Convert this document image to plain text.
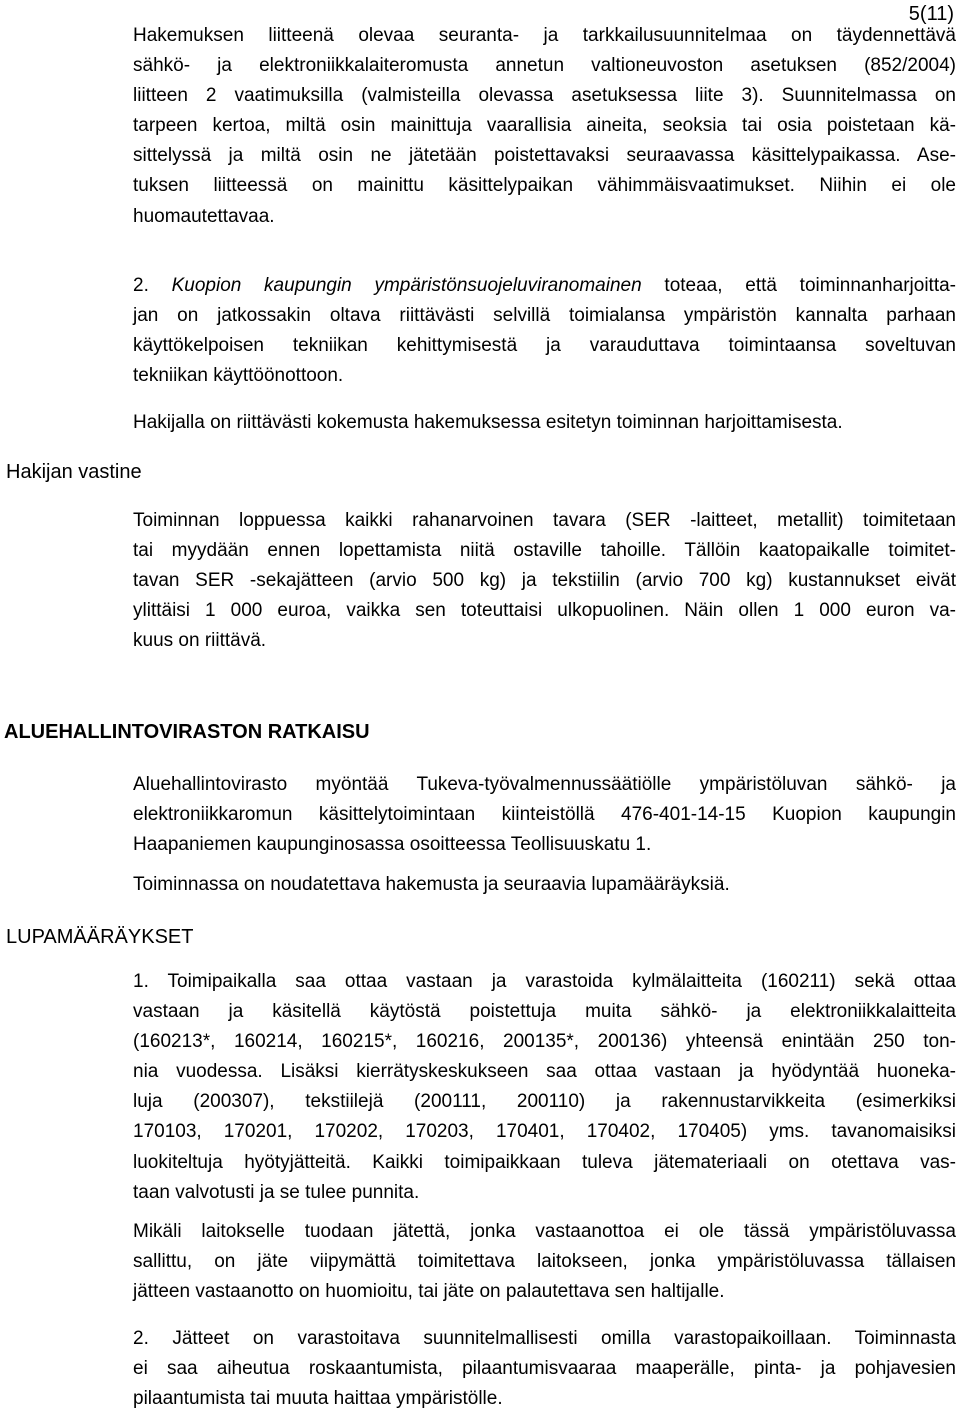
5(11)
Hakemuksen liitteenä olevaa seuranta- ja tarkkailusuunnitelmaa on täydennettävä
sähkö- ja elektroniikkalaiteromusta annetun valtioneuvoston asetuksen (852/2004)
liitteen 2 vaatimuksilla (valmisteilla olevassa asetuksessa liite 3). Suunnitelmassa on
tarpeen kertoa, miltä osin mainittuja vaarallisia aineita, seoksia tai osia poistetaan kä-
sittelyssä ja miltä osin ne jätetään poistettavaksi seuraavassa käsittelypaikassa. Ase-
tuksen liitteessä on mainittu käsittelypaikan vähimmäisvaatimukset. Niihin ei ole
huomautettavaa.
2. Kuopion kaupungin ympäristönsuojeluviranomainen toteaa, että toiminnanharjoitta-
jan on jatkossakin oltava riittävästi selvillä toimialansa ympäristön kannalta parhaan
käyttökelpoisen tekniikan kehittymisestä ja varauduttava toimintaansa soveltuvan
tekniikan käyttöönottoon.
Hakijalla on riittävästi kokemusta hakemuksessa esitetyn toiminnan harjoittamisesta.
Hakijan vastine
Toiminnan loppuessa kaikki rahanarvoinen tavara (SER -laitteet, metallit) toimitetaan
tai myydään ennen lopettamista niitä ostaville tahoille. Tällöin kaatopaikalle toimitet-
tavan SER -sekajätteen (arvio 500 kg) ja tekstiilin (arvio 700 kg) kustannukset eivät
ylittäisi 1 000 euroa, vaikka sen toteuttaisi ulkopuolinen. Näin ollen 1 000 euron va-
kuus on riittävä.
ALUEHALLINTOVIRASTON RATKAISU
Aluehallintovirasto myöntää Tukeva-työvalmennussäätiölle ympäristöluvan sähkö- ja
elektroniikkaromun käsittelytoimintaan kiinteistöllä 476-401-14-15 Kuopion kaupungin
Haapaniemen kaupunginosassa osoitteessa Teollisuuskatu 1.
Toiminnassa on noudatettava hakemusta ja seuraavia lupamääräyksiä.
LUPAMÄÄRÄYKSET
1. Toimipaikalla saa ottaa vastaan ja varastoida kylmälaitteita (160211) sekä ottaa
vastaan ja käsitellä käytöstä poistettuja muita sähkö- ja elektroniikkalaitteita
(160213*, 160214, 160215*, 160216, 200135*, 200136) yhteensä enintään 250 ton-
nia vuodessa. Lisäksi kierrätyskeskukseen saa ottaa vastaan ja hyödyntää huoneka-
luja (200307), tekstiilejä (200111, 200110) ja rakennustarvikkeita (esimerkiksi
170103, 170201, 170202, 170203, 170401, 170402, 170405) yms. tavanomaisiksi
luokiteltuja hyötyjätteitä. Kaikki toimipaikkaan tuleva jätemateriaali on otettava vas-
taan valvotusti ja se tulee punnita.
Mikäli laitokselle tuodaan jätettä, jonka vastaanottoa ei ole tässä ympäristöluvassa
sallittu, on jäte viipymättä toimitettava laitokseen, jonka ympäristöluvassa tällaisen
jätteen vastaanotto on huomioitu, tai jäte on palautettava sen haltijalle.
2. Jätteet on varastoitava suunnitelmallisesti omilla varastopaikoillaan. Toiminnasta
ei saa aiheutua roskaantumista, pilaantumisvaaraa maaperälle, pinta- ja pohjavesien
pilaantumista tai muuta haittaa ympäristölle.
